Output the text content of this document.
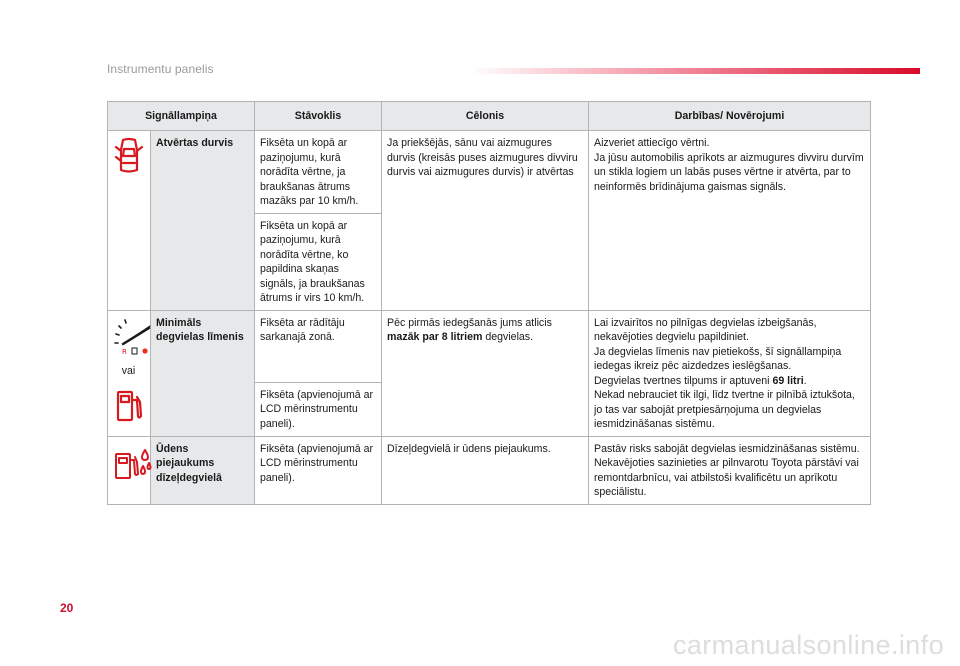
Instrumentu panelis
Signāllampiņa		Stāvoklis	Cēlonis	Darbības/ Novērojumi

	Atvērtas durvis	Fiksēta un kopā ar paziņojumu, kurā norādīta vērtne, ja braukšanas ātrums mazāks par 10 km/h.	Ja priekšējās, sānu vai aizmugures durvis (kreisās puses aizmugures divviru durvis vai aizmugures durvis) ir atvērtas	Aizveriet attiecīgo vērtni.
Ja jūsu automobilis aprīkots ar aizmugures divviru durvīm un stikla logiem un labās puses vērtne ir atvērta, par to neinformēs brīdinājuma gaismas signāls.
		Fiksēta un kopā ar paziņojumu, kurā norādīta vērtne, ko papildina skaņas signāls, ja braukšanas ātrums ir virs 10 km/h.		

R
vai	Minimāls degvielas līmenis	Fiksēta ar rādītāju sarkanajā zonā.	Pēc pirmās iedegšanās jums atlicis mazāk par 8 litriem degvielas.	Lai izvairītos no pilnīgas degvielas izbeigšanās, nekavējoties degvielu papildiniet.
Ja degvielas līmenis nav pietiekošs, šī signāllampiņa iedegas ikreiz pēc aizdedzes ieslēgšanas.
Degvielas tvertnes tilpums ir aptuveni 69 litri.
Nekad nebrauciet tik ilgi, līdz tvertne ir pilnībā iztukšota, jo tas var sabojāt pretpiesārņojuma un degvielas iesmidzināšanas sistēmu.
		Fiksēta (apvienojumā ar LCD mērinstrumentu paneli).		

	Ūdens piejaukums dīzeļdegvielā	Fiksēta (apvienojumā ar LCD mērinstrumentu paneli).	Dīzeļdegvielā ir ūdens piejaukums.	Pastāv risks sabojāt degvielas iesmidzināšanas sistēmu.
Nekavējoties sazinieties ar pilnvarotu Toyota pārstāvi vai remontdarbnīcu, vai atbilstoši kvalificētu un aprīkotu speciālistu.
20
carmanualsonline.info
